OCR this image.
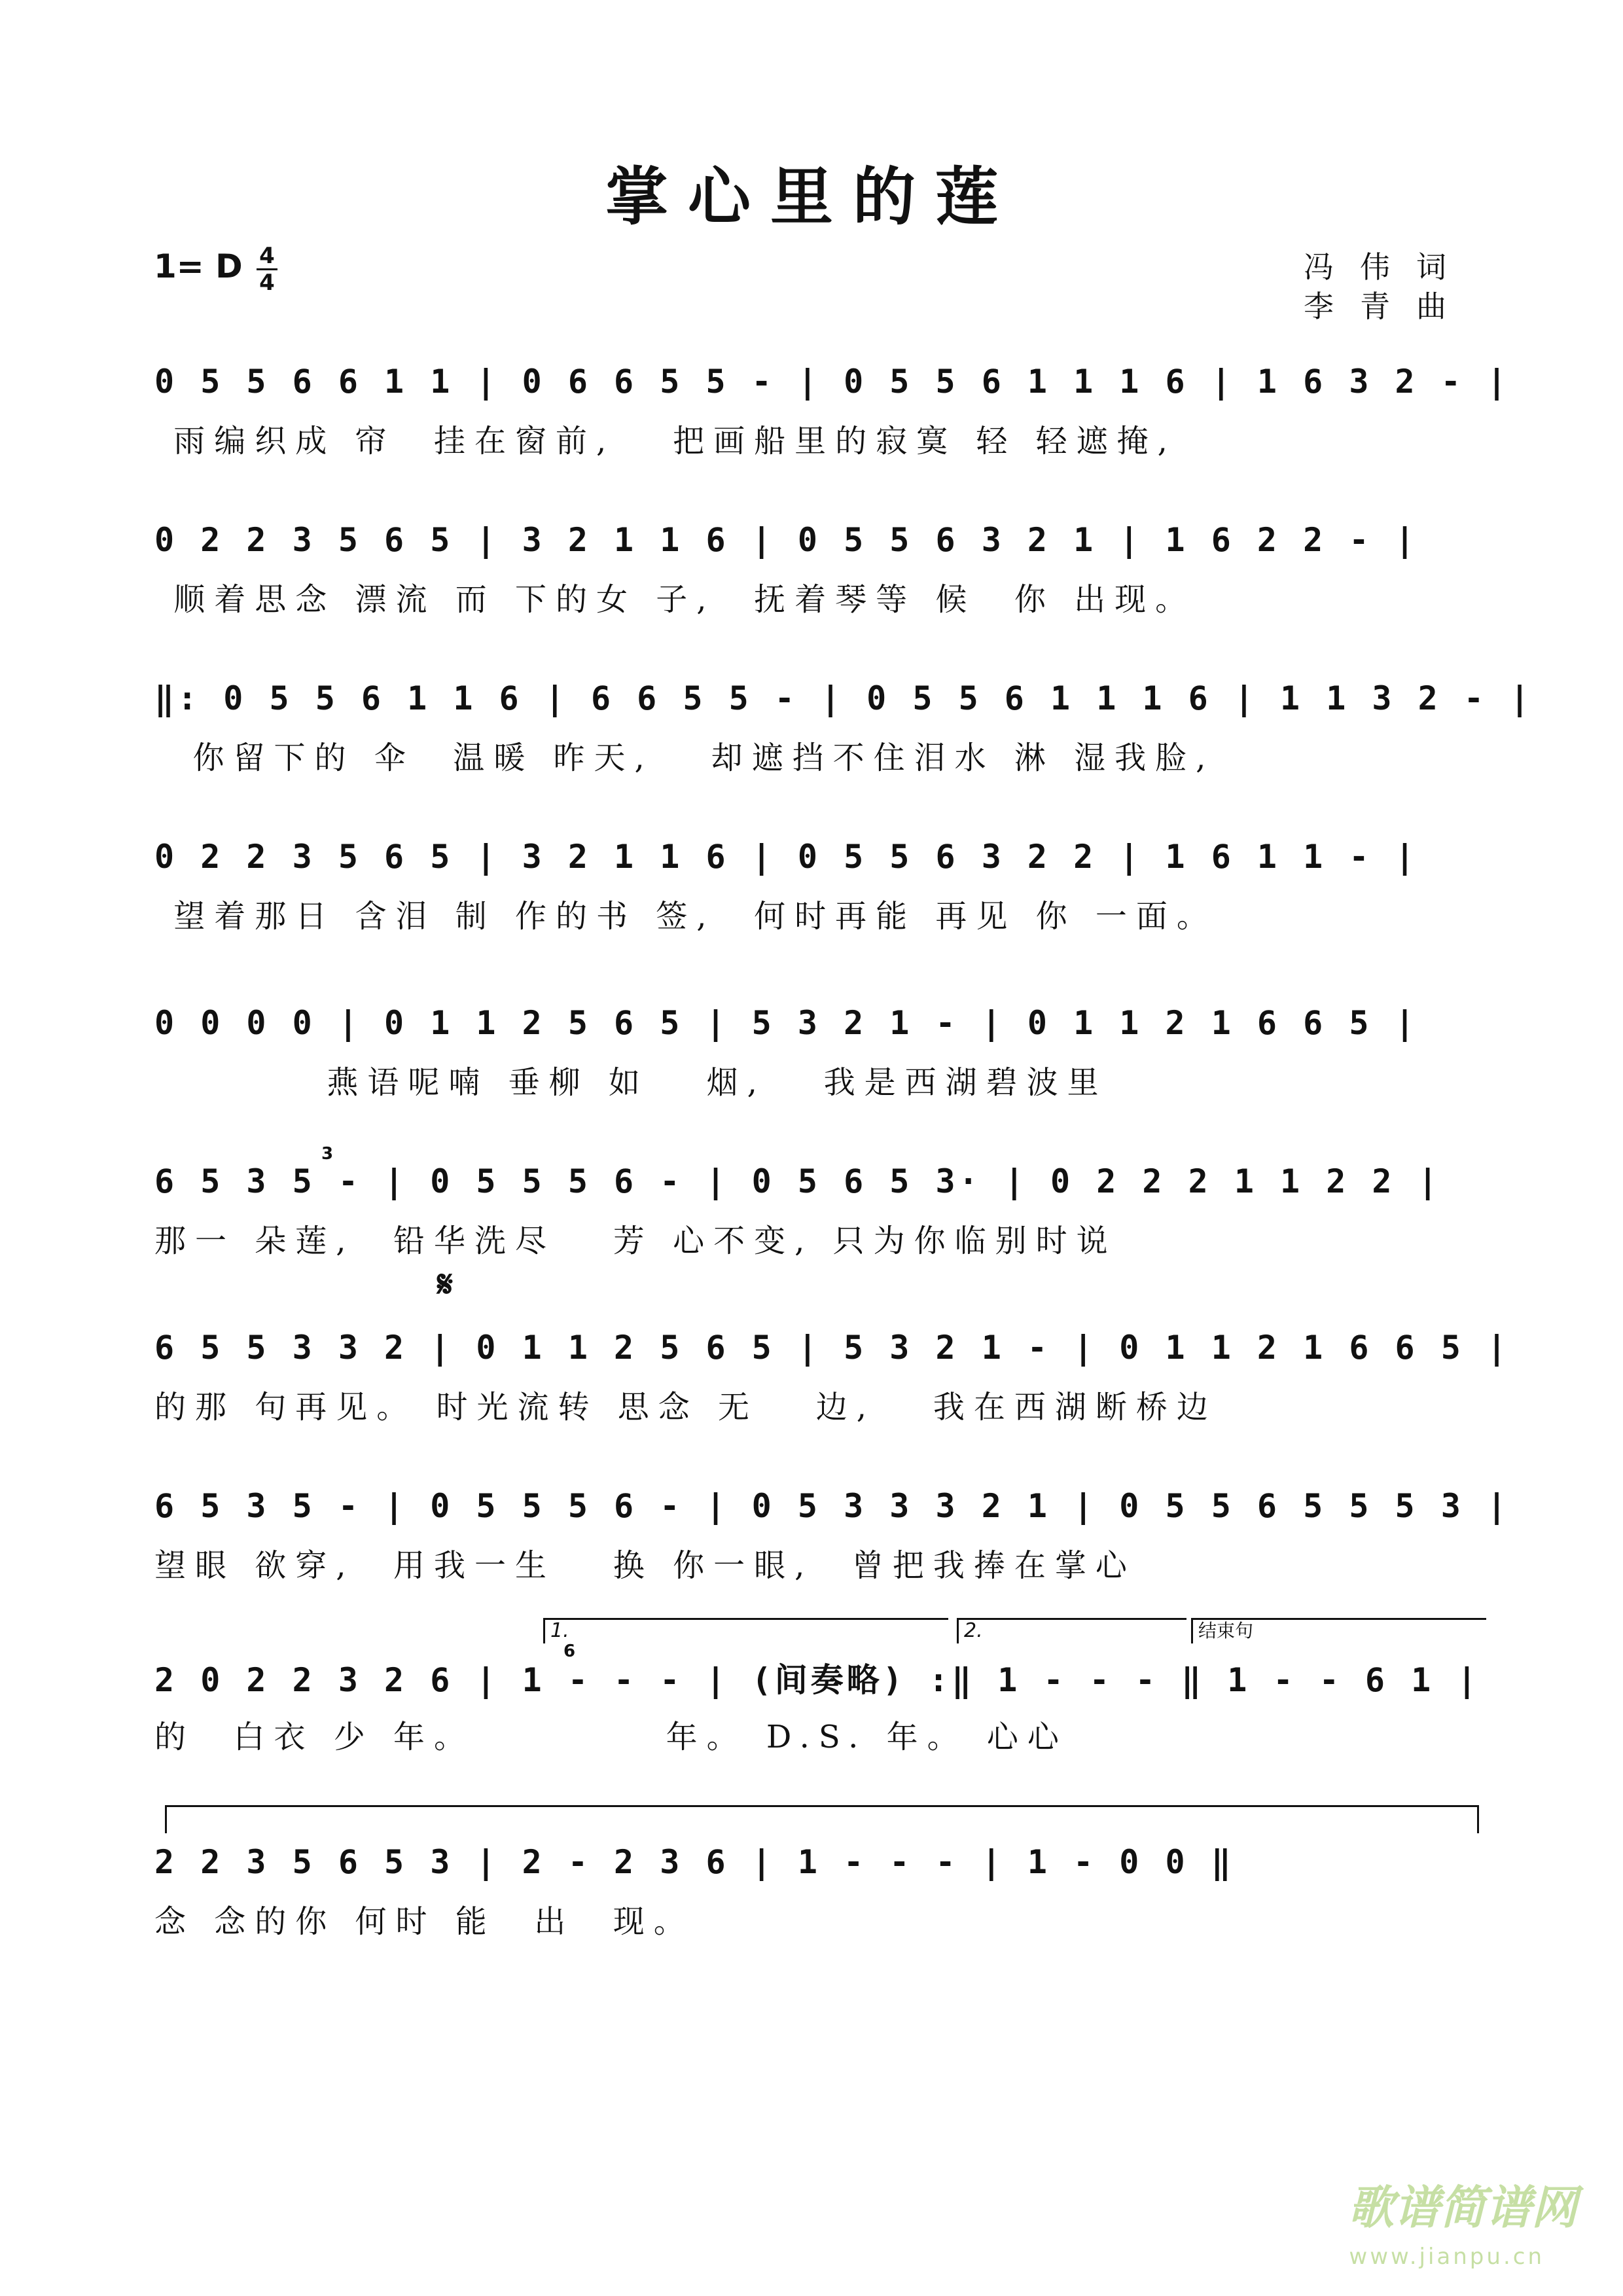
掌心里的莲
1= D 4
4	冯伟词
李青曲
0 5 5 6 6 1 1 | 0 6 6 5 5 - | 0 5 5 6 1 1 1 6 | 1 6 3 2 - |
雨编织成 帘  挂在窗前,   把画船里的寂寞 轻 轻遮掩,
0 2 2 3 5 6 5 | 3 2 1 1 6 | 0 5 5 6 3 2 1 | 1 6 2 2 - |
顺着思念 漂流 而 下的女 子,  抚着琴等 候  你 出现。
‖: 0 5 5 6 1 1 6 | 6 6 5 5 - | 0 5 5 6 1 1 1 6 | 1 1 3 2 - |
你留下的 伞  温暖 昨天,   却遮挡不住泪水 淋 湿我脸,
0 2 2 3 5 6 5 | 3 2 1 1 6 | 0 5 5 6 3 2 2 | 1 6 1 1 - |
望着那日 含泪 制 作的书 签,  何时再能 再见 你 一面。
0 0 0 0 | 0 1 1 2 5 6 5 | 5 3 2 1 - | 0 1 1 2 1 6 6 5 |
燕语呢喃 垂柳 如   烟,   我是西湖碧波里
6 5 3 5 - | 0 5 5 5 6 - | 0 5 6 5 3· | 0 2 2 2 1 1 2 2 |
那一 朵莲,  铅华洗尽   芳 心不变, 只为你临别时说
3
𝄋
6 5 5 3 3 2 | 0 1 1 2 5 6 5 | 5 3 2 1 - | 0 1 1 2 1 6 6 5 |
的那 句再见。 时光流转 思念 无   边,   我在西湖断桥边
6 5 3 5 - | 0 5 5 5 6 - | 0 5 3 3 3 2 1 | 0 5 5 6 5 5 5 3 |
望眼 欲穿,  用我一生   换 你一眼,  曾把我捧在掌心
1.	2.	结束句
2 0 2 2 3 2 6 | 1 - - - | (间奏略) :‖ 1 - - - ‖ 1 - - 6 1 |
的  白衣 少 年。          年。 D.S. 年。 心心
6
2 2 3 5 6 5 3 | 2 - 2 3 6 | 1 - - - | 1 - 0 0 ‖
念 念的你 何时 能  出  现。
歌谱简谱网
www.jianpu.cn
